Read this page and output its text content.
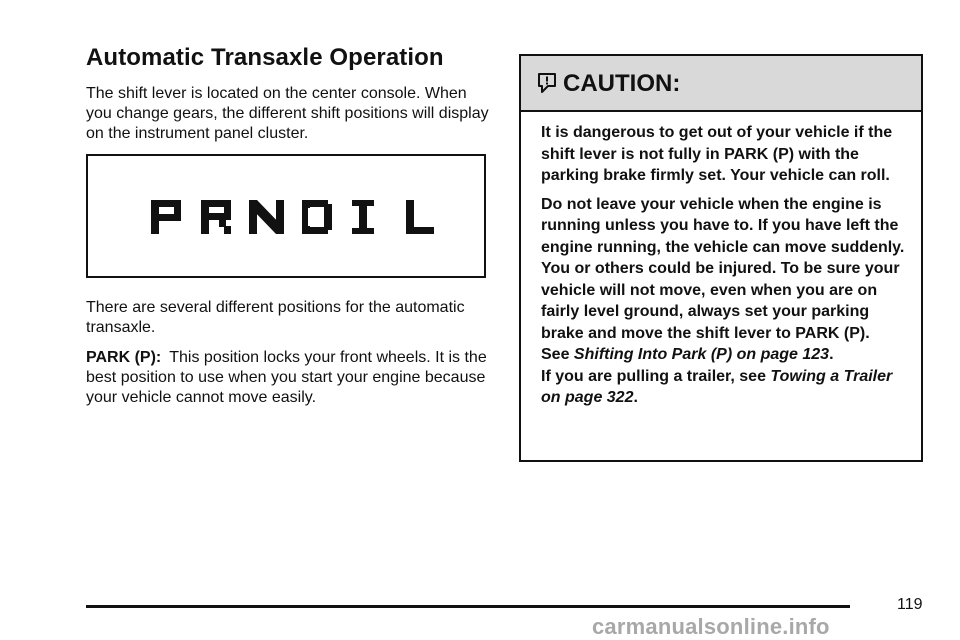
Automatic Transaxle Operation
The shift lever is located on the center console. When you change gears, the different shift positions will display on the instrument panel cluster.
There are several different positions for the automatic transaxle.
PARK (P): This position locks your front wheels. It is the best position to use when you start your engine because your vehicle cannot move easily.
CAUTION:

It is dangerous to get out of your vehicle if the shift lever is not fully in PARK (P) with the parking brake firmly set. Your vehicle can roll.

Do not leave your vehicle when the engine is running unless you have to. If you have left the engine running, the vehicle can move suddenly. You or others could be injured. To be sure your vehicle will not move, even when you are on fairly level ground, always set your parking brake and move the shift lever to PARK (P).
See Shifting Into Park (P) on page 123.
If you are pulling a trailer, see Towing a Trailer on page 322.

119
carmanualsonline.info
